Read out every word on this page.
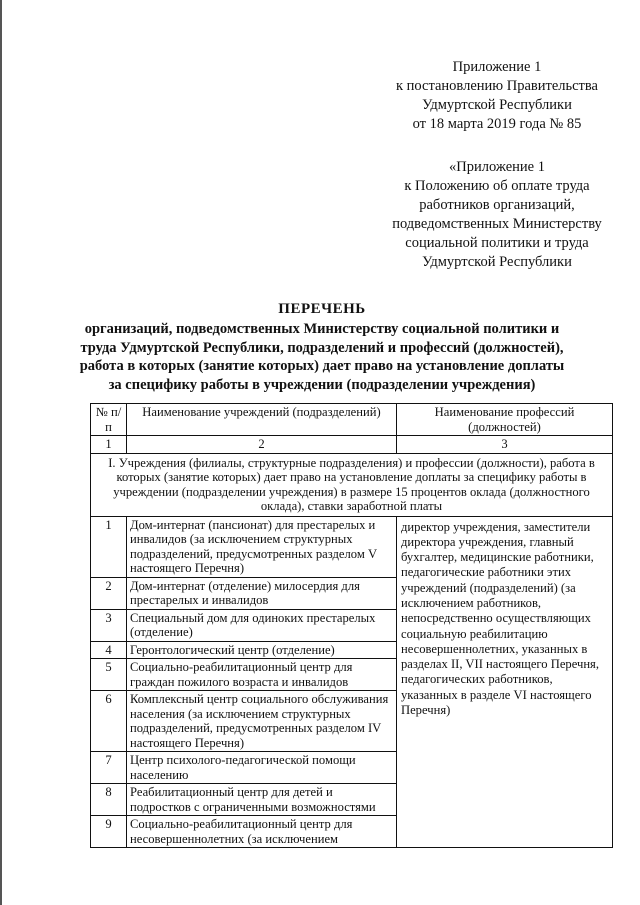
Приложение 1
к постановлению Правительства
Удмуртской Республики
от 18 марта 2019 года № 85
«Приложение 1
к Положению об оплате труда
работников организаций,
подведомственных Министерству
социальной политики и труда
Удмуртской Республики
ПЕРЕЧЕНЬ
организаций, подведомственных Министерству социальной политики и
труда Удмуртской Республики, подразделений и профессий (должностей),
работа в которых (занятие которых) дает право на установление доплаты
за специфику работы в учреждении (подразделении учреждения)
№ п/п	Наименование учреждений (подразделений)	Наименование профессий (должностей)
1	2	3
I. Учреждения (филиалы, структурные подразделения) и профессии (должности), работа в которых (занятие которых) дает право на установление доплаты за специфику работы в учреждении (подразделении учреждения) в размере 15 процентов оклада (должностного оклада), ставки заработной платы		
1	Дом-интернат (пансионат) для престарелых и инвалидов (за исключением структурных подразделений, предусмотренных разделом V настоящего Перечня)	директор учреждения, заместители директора учреждения, главный бухгалтер, медицинские работники, педагогические работники этих учреждений (подразделений) (за исключением работников, непосредственно осуществляющих социальную реабилитацию несовершеннолетних, указанных в разделах II, VII настоящего Перечня, педагогических работников, указанных в разделе VI настоящего Перечня)
2	Дом-интернат (отделение) милосердия для престарелых и инвалидов	
3	Специальный дом для одиноких престарелых (отделение)	
4	Геронтологический центр (отделение)	
5	Социально-реабилитационный центр для граждан пожилого возраста и инвалидов	
6	Комплексный центр социального обслуживания населения (за исключением структурных подразделений, предусмотренных разделом IV настоящего Перечня)	
7	Центр психолого-педагогической помощи населению	
8	Реабилитационный центр для детей и подростков с ограниченными возможностями	
9	Социально-реабилитационный центр для несовершеннолетних (за исключением	
